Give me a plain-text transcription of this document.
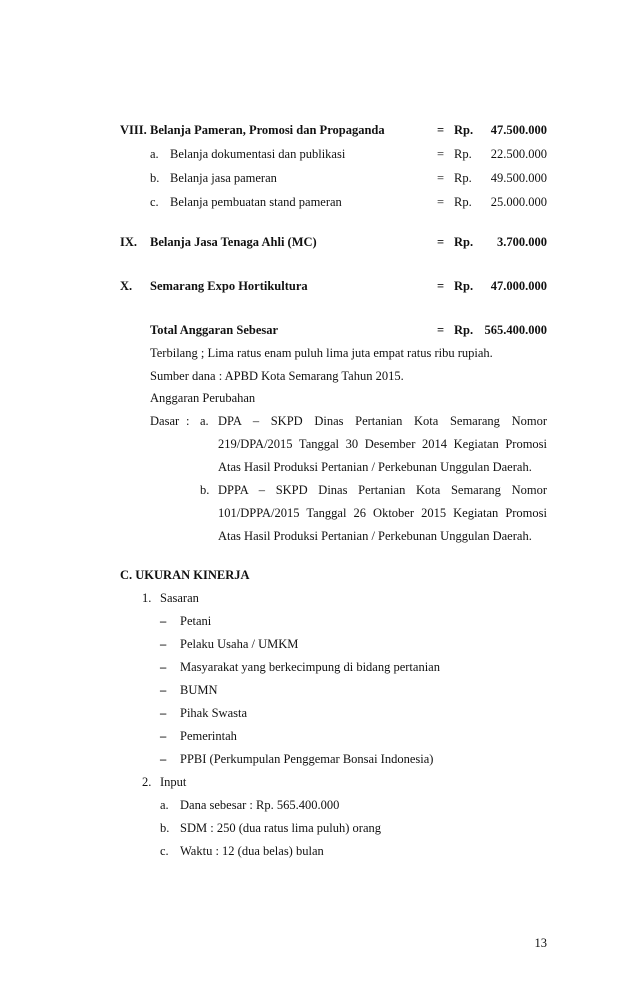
VIII. Belanja Pameran, Promosi dan Propaganda	= Rp. 47.500.000
a. Belanja dokumentasi dan publikasi	= Rp. 22.500.000
b. Belanja jasa pameran	= Rp. 49.500.000
c. Belanja pembuatan stand pameran	= Rp. 25.000.000
IX. Belanja Jasa Tenaga Ahli (MC)	= Rp. 3.700.000
X. Semarang Expo Hortikultura	= Rp. 47.000.000
Total Anggaran Sebesar	= Rp. 565.400.000
Terbilang ; Lima ratus enam puluh lima juta empat ratus ribu rupiah.
Sumber dana : APBD Kota Semarang Tahun 2015.
Anggaran Perubahan
Dasar : a. DPA – SKPD Dinas Pertanian Kota Semarang Nomor
219/DPA/2015 Tanggal 30 Desember 2014 Kegiatan Promosi
Atas Hasil Produksi Pertanian / Perkebunan Unggulan Daerah.
b. DPPA – SKPD Dinas Pertanian Kota Semarang Nomor
101/DPPA/2015 Tanggal 26 Oktober 2015 Kegiatan Promosi
Atas Hasil Produksi Pertanian / Perkebunan Unggulan Daerah.
C. UKURAN KINERJA
1. Sasaran
– Petani
– Pelaku Usaha / UMKM
– Masyarakat yang berkecimpung di bidang pertanian
– BUMN
– Pihak Swasta
– Pemerintah
– PPBI (Perkumpulan Penggemar Bonsai Indonesia)
2. Input
a. Dana sebesar : Rp. 565.400.000
b. SDM : 250 (dua ratus lima puluh) orang
c. Waktu : 12 (dua belas) bulan
13
